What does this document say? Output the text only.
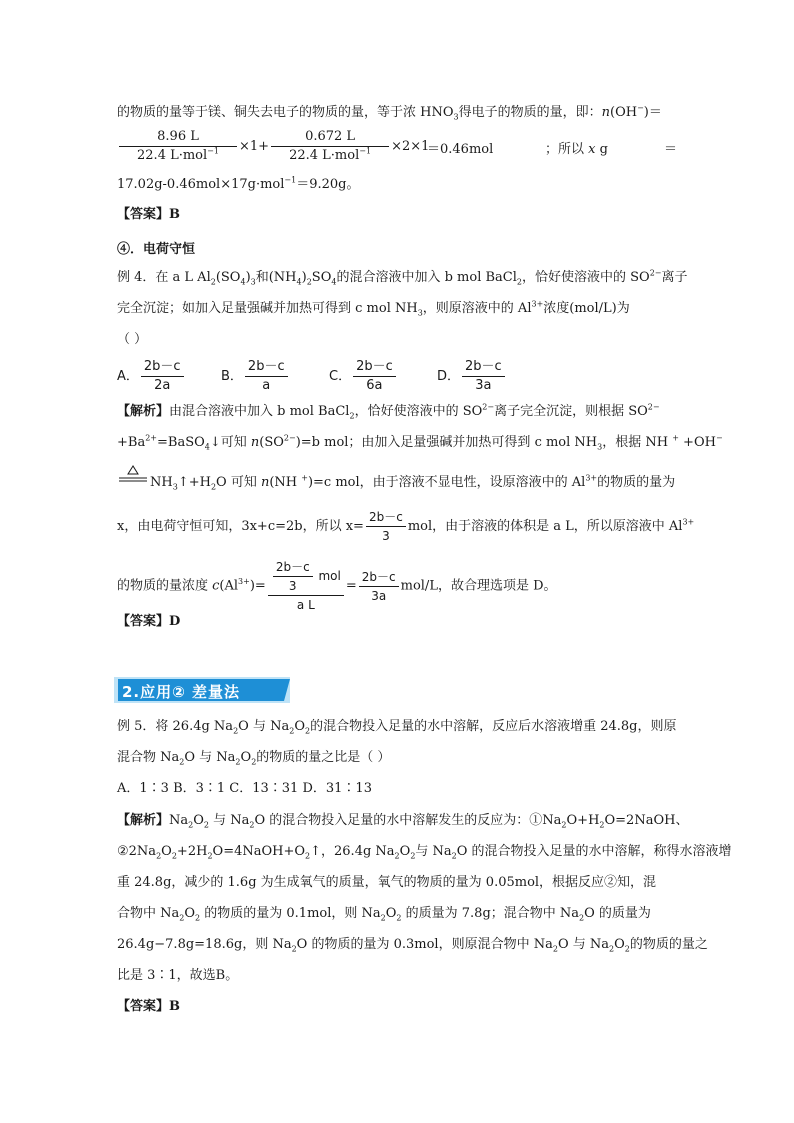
的物质的量等于镁、铜失去电子的物质的量，等于浓 $HNO_3$得电子的物质的量，即：n(OH−)＝
$\frac{8.96 L}{22.4 L\cdot mol^{-1}} \times 1+ \frac{0.672 L}{22.4 L\cdot mol^{-1}} \times 2\times 1$
＝0.46mol	；所以 x g	＝
17.02g-0.46mol×17g·mol$^{-1}$＝9.20g。
【答案】B
④．电荷守恒
例 4．在 a L $Al_2(SO_4)_3$和$(NH_4)_2SO_4$的混合溶液中加入 b mol BaCl$_2$，恰好使溶液中的 $SO^{2-}$离子
完全沉淀；如加入足量强碱并加热可得到 c mol $NH_3$，则原溶液中的 $Al^{3+}$浓度(mol/L)为
（ ）
A． $\frac{2b-c}{2a}$	B． $\frac{2b-c}{a}$	C． $\frac{2b-c}{6a}$	D． $\frac{2b-c}{3a}$
【解析】由混合溶液中加入 b mol BaCl$_2$，恰好使溶液中的 $SO^{2-}$离子完全沉淀，则根据 $SO^{2-}$
$+Ba^{2+}=BaSO_4↓$可知 $n(SO^{2-})=b$ mol；由加入足量强碱并加热可得到 c mol $NH_3$，根据 NH + +OH−
$NH_3↑+H_2O$ 可知 n(NH +)=c mol，由于溶液不显电性，设原溶液中的 $Al^{3+}$的物质的量为
x，由电荷守恒可知，3x+c=2b，所以 $x= \frac{2b-c}{3}$ mol，由于溶液的体积是 a L，所以原溶液中 $Al^{3+}$
的物质的量浓度 $c(Al^{3+})= \frac{\frac{2b-c}{3} mol}{\text{a L}} = \frac{2b-c}{3a} mol/L$，故合理选项是 D。
【答案】D
2.应用② 差量法
例 5．将 26.4g $Na_2O$ 与 $Na_2O_2$的混合物投入足量的水中溶解，反应后水溶液增重 24.8g，则原
混合物 $Na_2O$ 与 $Na_2O_2$的物质的量之比是（ ）
A．1∶3 B．3∶1 C．13∶31 D．31∶13
【解析】$Na_2O_2$ 与 $Na_2O$ 的混合物投入足量的水中溶解发生的反应为：$①Na_2O+H_2O=2NaOH$、
$②2Na_2O_2+2H_2O=4NaOH+O_2↑$，26.4g $Na_2O_2$与 $Na_2O$ 的混合物投入足量的水中溶解，称得水溶液增
重 24.8g，减少的 1.6g 为生成氧气的质量，氧气的物质的量为 0.05mol，根据反应②知，混
合物中 $Na_2O_2$ 的物质的量为 0.1mol，则 $Na_2O_2$ 的质量为 7.8g；混合物中 $Na_2O$ 的质量为
26.4g−7.8g=18.6g，则 $Na_2O$ 的物质的量为 0.3mol，则原混合物中 $Na_2O$ 与 $Na_2O_2$的物质的量之
比是 3∶1，故选B。
【答案】B
